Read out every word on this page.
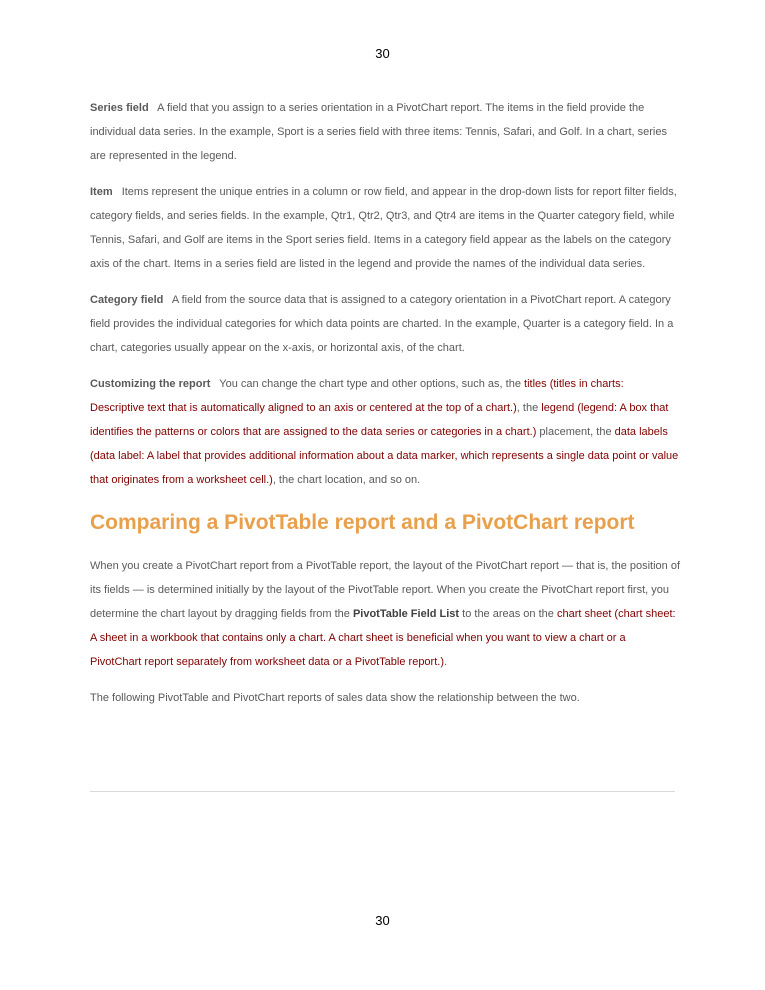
30

Series field A field that you assign to a series orientation in a PivotChart report. The items in the field provide the individual data series. In the example, Sport is a series field with three items: Tennis, Safari, and Golf. In a chart, series are represented in the legend.

Item Items represent the unique entries in a column or row field, and appear in the drop-down lists for report filter fields, category fields, and series fields. In the example, Qtr1, Qtr2, Qtr3, and Qtr4 are items in the Quarter category field, while Tennis, Safari, and Golf are items in the Sport series field. Items in a category field appear as the labels on the category axis of the chart. Items in a series field are listed in the legend and provide the names of the individual data series.

Category field A field from the source data that is assigned to a category orientation in a PivotChart report. A category field provides the individual categories for which data points are charted. In the example, Quarter is a category field. In a chart, categories usually appear on the x-axis, or horizontal axis, of the chart.

Customizing the report You can change the chart type and other options, such as, the titles (titles in charts: Descriptive text that is automatically aligned to an axis or centered at the top of a chart.), the legend (legend: A box that identifies the patterns or colors that are assigned to the data series or categories in a chart.) placement, the data labels (data label: A label that provides additional information about a data marker, which represents a single data point or value that originates from a worksheet cell.), the chart location, and so on.

Comparing a PivotTable report and a PivotChart report

When you create a PivotChart report from a PivotTable report, the layout of the PivotChart report — that is, the position of its fields — is determined initially by the layout of the PivotTable report. When you create the PivotChart report first, you determine the chart layout by dragging fields from the PivotTable Field List to the areas on the chart sheet (chart sheet: A sheet in a workbook that contains only a chart. A chart sheet is beneficial when you want to view a chart or a PivotChart report separately from worksheet data or a PivotTable report.).

The following PivotTable and PivotChart reports of sales data show the relationship between the two.

30
